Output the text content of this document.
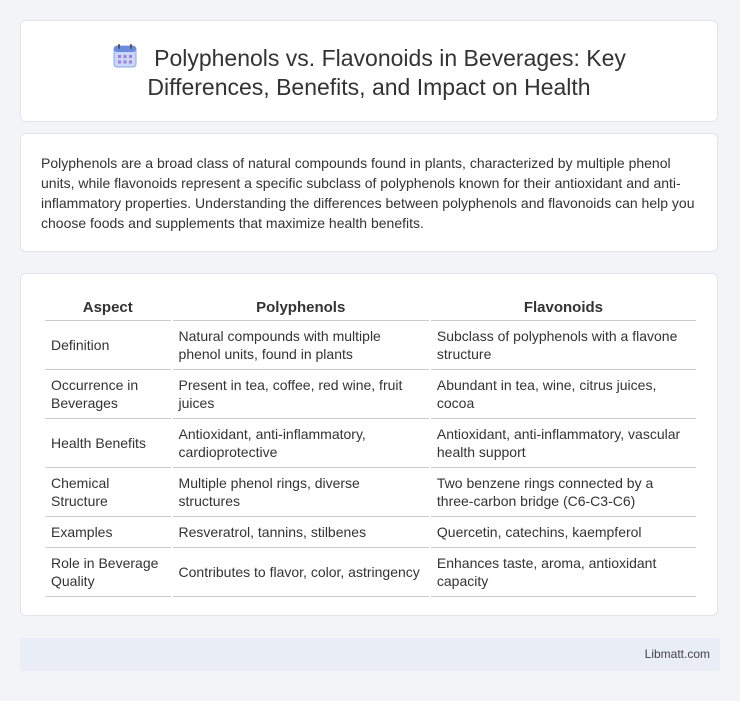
Polyphenols vs. Flavonoids in Beverages: Key Differences, Benefits, and Impact on Health

Polyphenols are a broad class of natural compounds found in plants, characterized by multiple phenol units, while flavonoids represent a specific subclass of polyphenols known for their antioxidant and anti-inflammatory properties. Understanding the differences between polyphenols and flavonoids can help you choose foods and supplements that maximize health benefits.

Aspect	Polyphenols	Flavonoids
Definition	Natural compounds with multiple phenol units, found in plants	Subclass of polyphenols with a flavone structure
Occurrence in Beverages	Present in tea, coffee, red wine, fruit juices	Abundant in tea, wine, citrus juices, cocoa
Health Benefits	Antioxidant, anti-inflammatory, cardioprotective	Antioxidant, anti-inflammatory, vascular health support
Chemical Structure	Multiple phenol rings, diverse structures	Two benzene rings connected by a three-carbon bridge (C6-C3-C6)
Examples	Resveratrol, tannins, stilbenes	Quercetin, catechins, kaempferol
Role in Beverage Quality	Contributes to flavor, color, astringency	Enhances taste, aroma, antioxidant capacity
Libmatt.com
